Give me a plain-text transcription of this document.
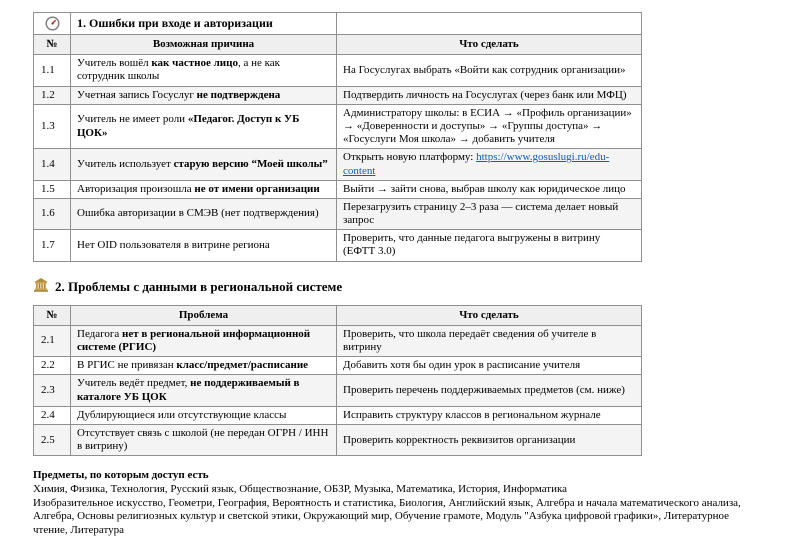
	1. Ошибки при входе и авторизации	
№	Возможная причина	Что сделать
1.1	Учитель вошёл как частное лицо, а не как сотрудник школы	На Госуслугах выбрать «Войти как сотрудник организации»
1.2	Учетная запись Госуслуг не подтверждена	Подтвердить личность на Госуслугах (через банк или МФЦ)
1.3	Учитель не имеет роли «Педагог. Доступ к УБ ЦОК»	Администратору школы: в ЕСИА → «Профиль организации» → «Доверенности и доступы» → «Группы доступа» → «Госуслуги Моя школа» → добавить учителя
1.4	Учитель использует старую версию “Моей школы”	Открыть новую платформу: https://www.gosuslugi.ru/edu-content
1.5	Авторизация произошла не от имени организации	Выйти → зайти снова, выбрав школу как юридическое лицо
1.6	Ошибка авторизации в СМЭВ (нет подтверждения)	Перезагрузить страницу 2–3 раза — система делает новый запрос
1.7	Нет OID пользователя в витрине региона	Проверить, что данные педагога выгружены в витрину (ЕФТТ 3.0)
2. Проблемы с данными в региональной системе
№	Проблема	Что сделать
2.1	Педагога нет в региональной информационной системе (РГИС)	Проверить, что школа передаёт сведения об учителе в витрину
2.2	В РГИС не привязан класс/предмет/расписание	Добавить хотя бы один урок в расписание учителя
2.3	Учитель ведёт предмет, не поддерживаемый в каталоге УБ ЦОК	Проверить перечень поддерживаемых предметов (см. ниже)
2.4	Дублирующиеся или отсутствующие классы	Исправить структуру классов в региональном журнале
2.5	Отсутствует связь с школой (не передан ОГРН / ИНН в витрину)	Проверить корректность реквизитов организации
Предметы, по которым доступ есть
Химия, Физика, Технология, Русский язык, Обществознание, ОБЗР, Музыка, Математика, История, Информатика
Изобразительное искусство, Геометри, География, Вероятность и статистика, Биология, Английский язык, Алгебра и начала математического анализа, Алгебра, Основы религиозных культур и светской этики, Окружающий мир, Обучение грамоте, Модуль "Азбука цифровой графики», Литературное чтение, Литература
